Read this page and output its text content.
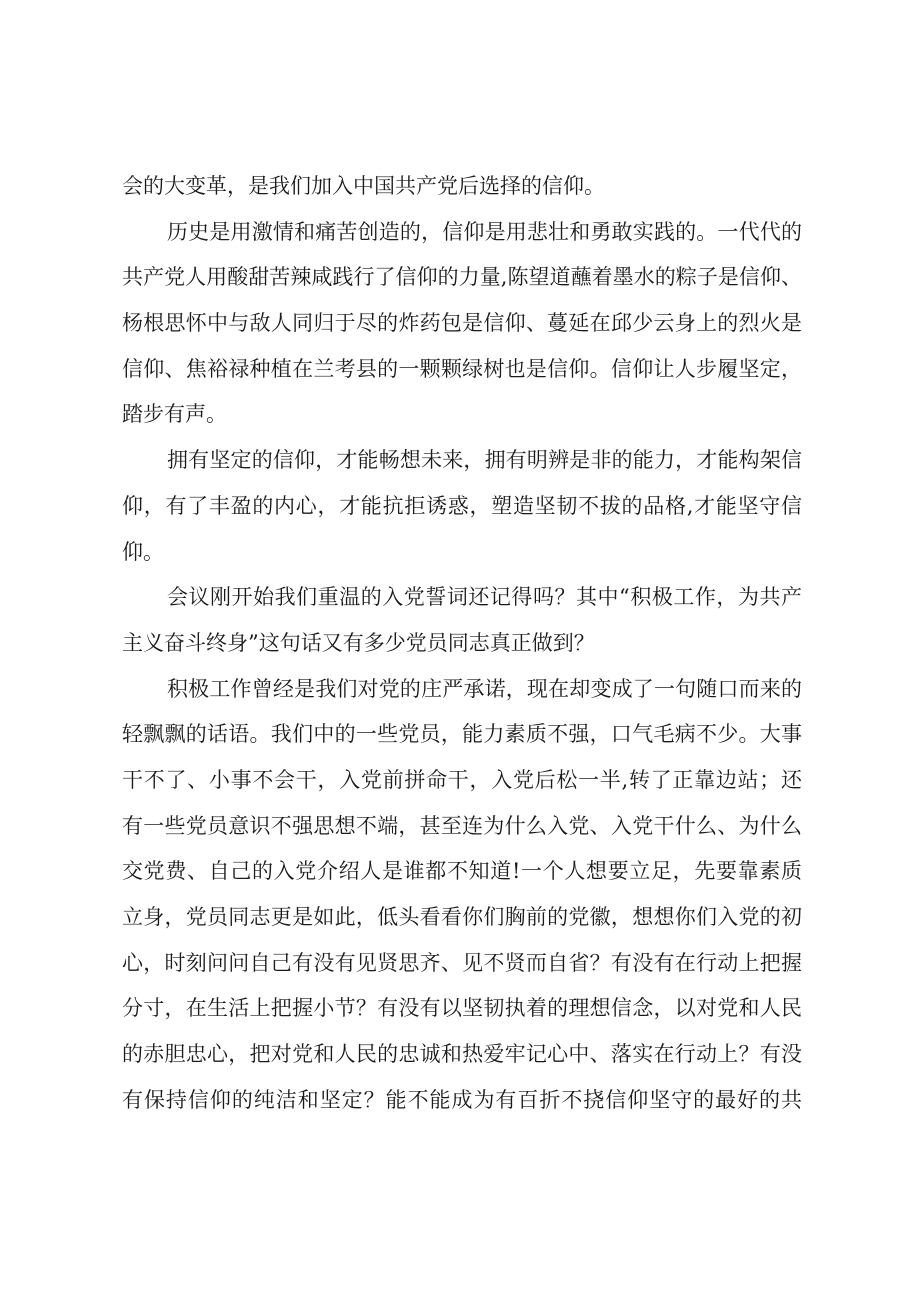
会的大变革，是我们加入中国共产党后选择的信仰。
历史是用激情和痛苦创造的，信仰是用悲壮和勇敢实践的。一代代的
共产党人用酸甜苦辣咸践行了信仰的力量,陈望道蘸着墨水的粽子是信仰、
杨根思怀中与敌人同归于尽的炸药包是信仰、蔓延在邱少云身上的烈火是
信仰、焦裕禄种植在兰考县的一颗颗绿树也是信仰。信仰让人步履坚定，
踏步有声。
拥有坚定的信仰，才能畅想未来，拥有明辨是非的能力，才能构架信
仰，有了丰盈的内心，才能抗拒诱惑，塑造坚韧不拔的品格,才能坚守信
仰。
会议刚开始我们重温的入党誓词还记得吗？其中“积极工作，为共产
主义奋斗终身”这句话又有多少党员同志真正做到？
积极工作曾经是我们对党的庄严承诺，现在却变成了一句随口而来的
轻飘飘的话语。我们中的一些党员，能力素质不强，口气毛病不少。大事
干不了、小事不会干，入党前拼命干，入党后松一半,转了正靠边站；还
有一些党员意识不强思想不端，甚至连为什么入党、入党干什么、为什么
交党费、自己的入党介绍人是谁都不知道!一个人想要立足，先要靠素质
立身，党员同志更是如此，低头看看你们胸前的党徽，想想你们入党的初
心，时刻问问自己有没有见贤思齐、见不贤而自省？有没有在行动上把握
分寸，在生活上把握小节？有没有以坚韧执着的理想信念，以对党和人民
的赤胆忠心，把对党和人民的忠诚和热爱牢记心中、落实在行动上？有没
有保持信仰的纯洁和坚定？能不能成为有百折不挠信仰坚守的最好的共
